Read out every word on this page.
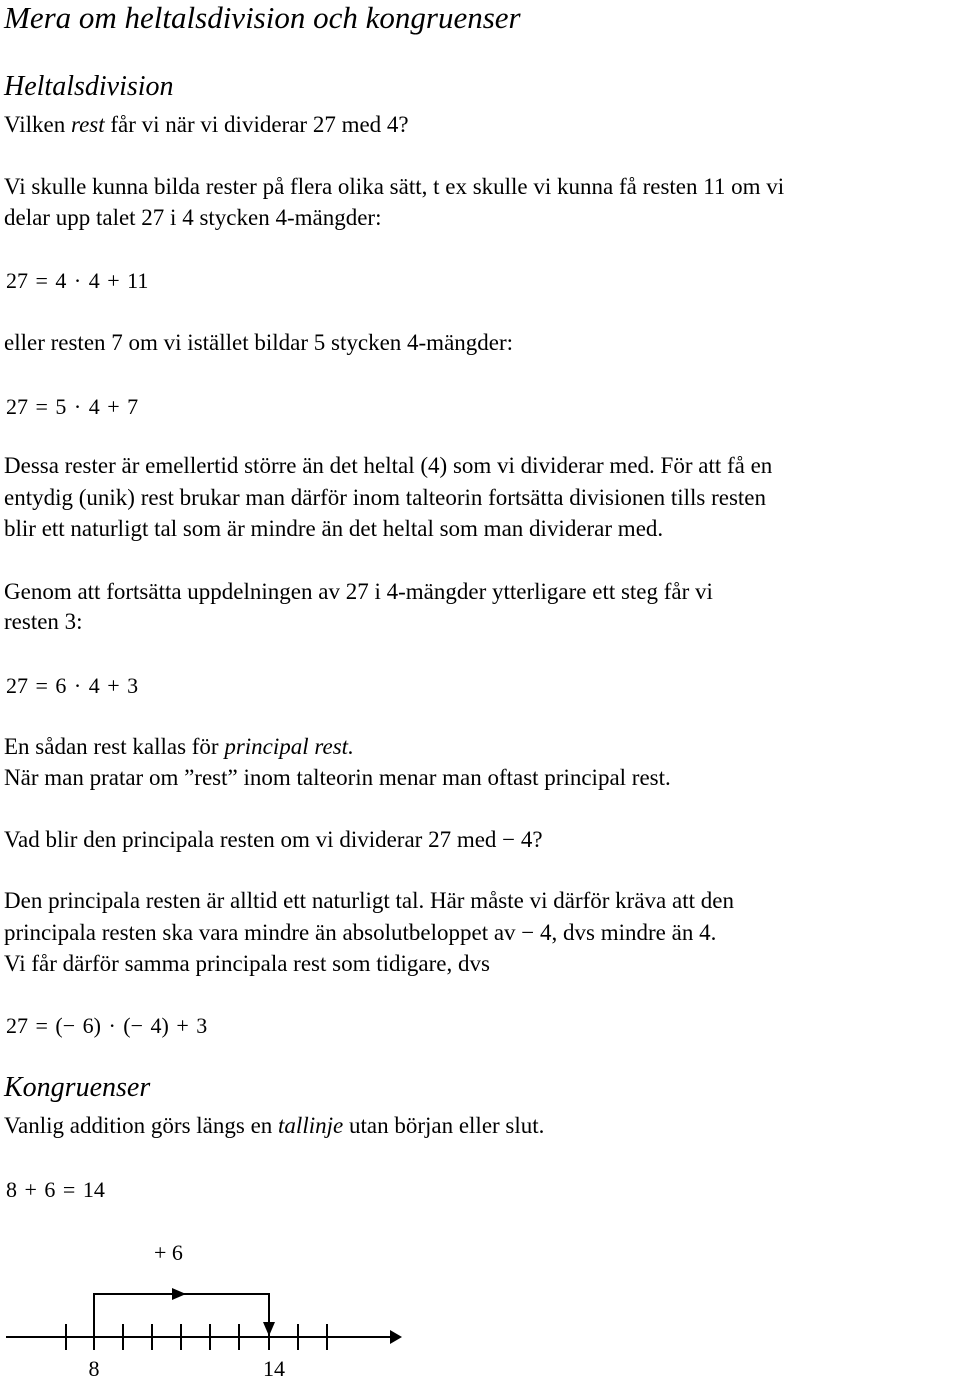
Mera om heltalsdivision och kongruenser
Heltalsdivision
Vilken rest får vi när vi dividerar 27 med 4?
Vi skulle kunna bilda rester på flera olika sätt, t ex skulle vi kunna få resten 11 om vi
delar upp talet 27 i 4 stycken 4-mängder:
27 = 4 · 4 + 11
eller resten 7 om vi istället bildar 5 stycken 4-mängder:
27 = 5 · 4 + 7
Dessa rester är emellertid större än det heltal (4) som vi dividerar med. För att få en
entydig (unik) rest brukar man därför inom talteorin fortsätta divisionen tills resten
blir ett naturligt tal som är mindre än det heltal som man dividerar med.
Genom att fortsätta uppdelningen av 27 i 4-mängder ytterligare ett steg får vi
resten 3:
27 = 6 · 4 + 3
En sådan rest kallas för principal rest.
När man pratar om ”rest” inom talteorin menar man oftast principal rest.
Vad blir den principala resten om vi dividerar 27 med − 4?
Den principala resten är alltid ett naturligt tal. Här måste vi därför kräva att den
principala resten ska vara mindre än absolutbeloppet av − 4, dvs mindre än 4.
Vi får därför samma principala rest som tidigare, dvs
27 = (− 6) · (− 4) + 3
Kongruenser
Vanlig addition görs längs en tallinje utan början eller slut.
8 + 6 = 14
+ 6
8	14
